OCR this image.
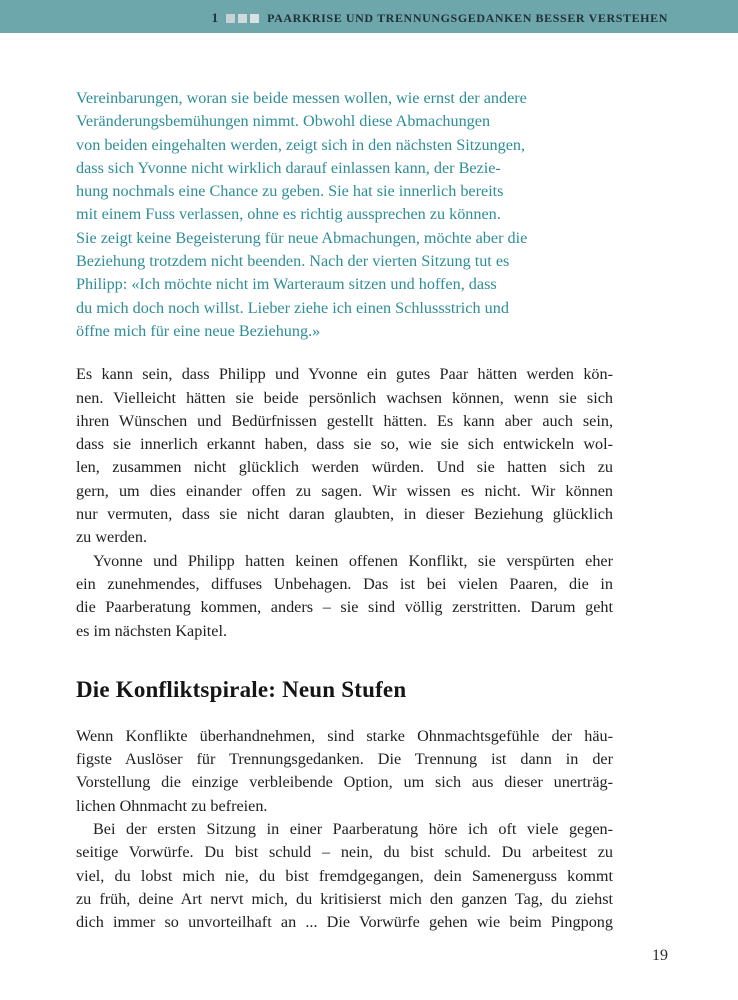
1	PAARKRISE UND TRENNUNGSGEDANKEN BESSER VERSTEHEN
Vereinbarungen, woran sie beide messen wollen, wie ernst der andere
Veränderungsbemühungen nimmt. Obwohl diese Abmachungen
von beiden eingehalten werden, zeigt sich in den nächsten Sitzungen,
dass sich Yvonne nicht wirklich darauf einlassen kann, der Bezie-
hung nochmals eine Chance zu geben. Sie hat sie innerlich bereits
mit einem Fuss verlassen, ohne es richtig aussprechen zu können.
Sie zeigt keine Begeisterung für neue Abmachungen, möchte aber die
Beziehung trotzdem nicht beenden. Nach der vierten Sitzung tut es
Philipp: «Ich möchte nicht im Warteraum sitzen und hoffen, dass
du mich doch noch willst. Lieber ziehe ich einen Schlussstrich und
öffne mich für eine neue Beziehung.»
Es kann sein, dass Philipp und Yvonne ein gutes Paar hätten werden kön-
nen. Vielleicht hätten sie beide persönlich wachsen können, wenn sie sich
ihren Wünschen und Bedürfnissen gestellt hätten. Es kann aber auch sein,
dass sie innerlich erkannt haben, dass sie so, wie sie sich entwickeln wol-
len, zusammen nicht glücklich werden würden. Und sie hatten sich zu
gern, um dies einander offen zu sagen. Wir wissen es nicht. Wir können
nur vermuten, dass sie nicht daran glaubten, in dieser Beziehung glücklich
zu werden.
Yvonne und Philipp hatten keinen offenen Konflikt, sie verspürten eher
ein zunehmendes, diffuses Unbehagen. Das ist bei vielen Paaren, die in
die Paarberatung kommen, anders – sie sind völlig zerstritten. Darum geht
es im nächsten Kapitel.
Die Konfliktspirale: Neun Stufen
Wenn Konflikte überhandnehmen, sind starke Ohnmachtsgefühle der häu-
figste Auslöser für Trennungsgedanken. Die Trennung ist dann in der
Vorstellung die einzige verbleibende Option, um sich aus dieser unerträg-
lichen Ohnmacht zu befreien.
Bei der ersten Sitzung in einer Paarberatung höre ich oft viele gegen-
seitige Vorwürfe. Du bist schuld – nein, du bist schuld. Du arbeitest zu
viel, du lobst mich nie, du bist fremdgegangen, dein Samenerguss kommt
zu früh, deine Art nervt mich, du kritisierst mich den ganzen Tag, du ziehst
dich immer so unvorteilhaft an ... Die Vorwürfe gehen wie beim Pingpong
19
